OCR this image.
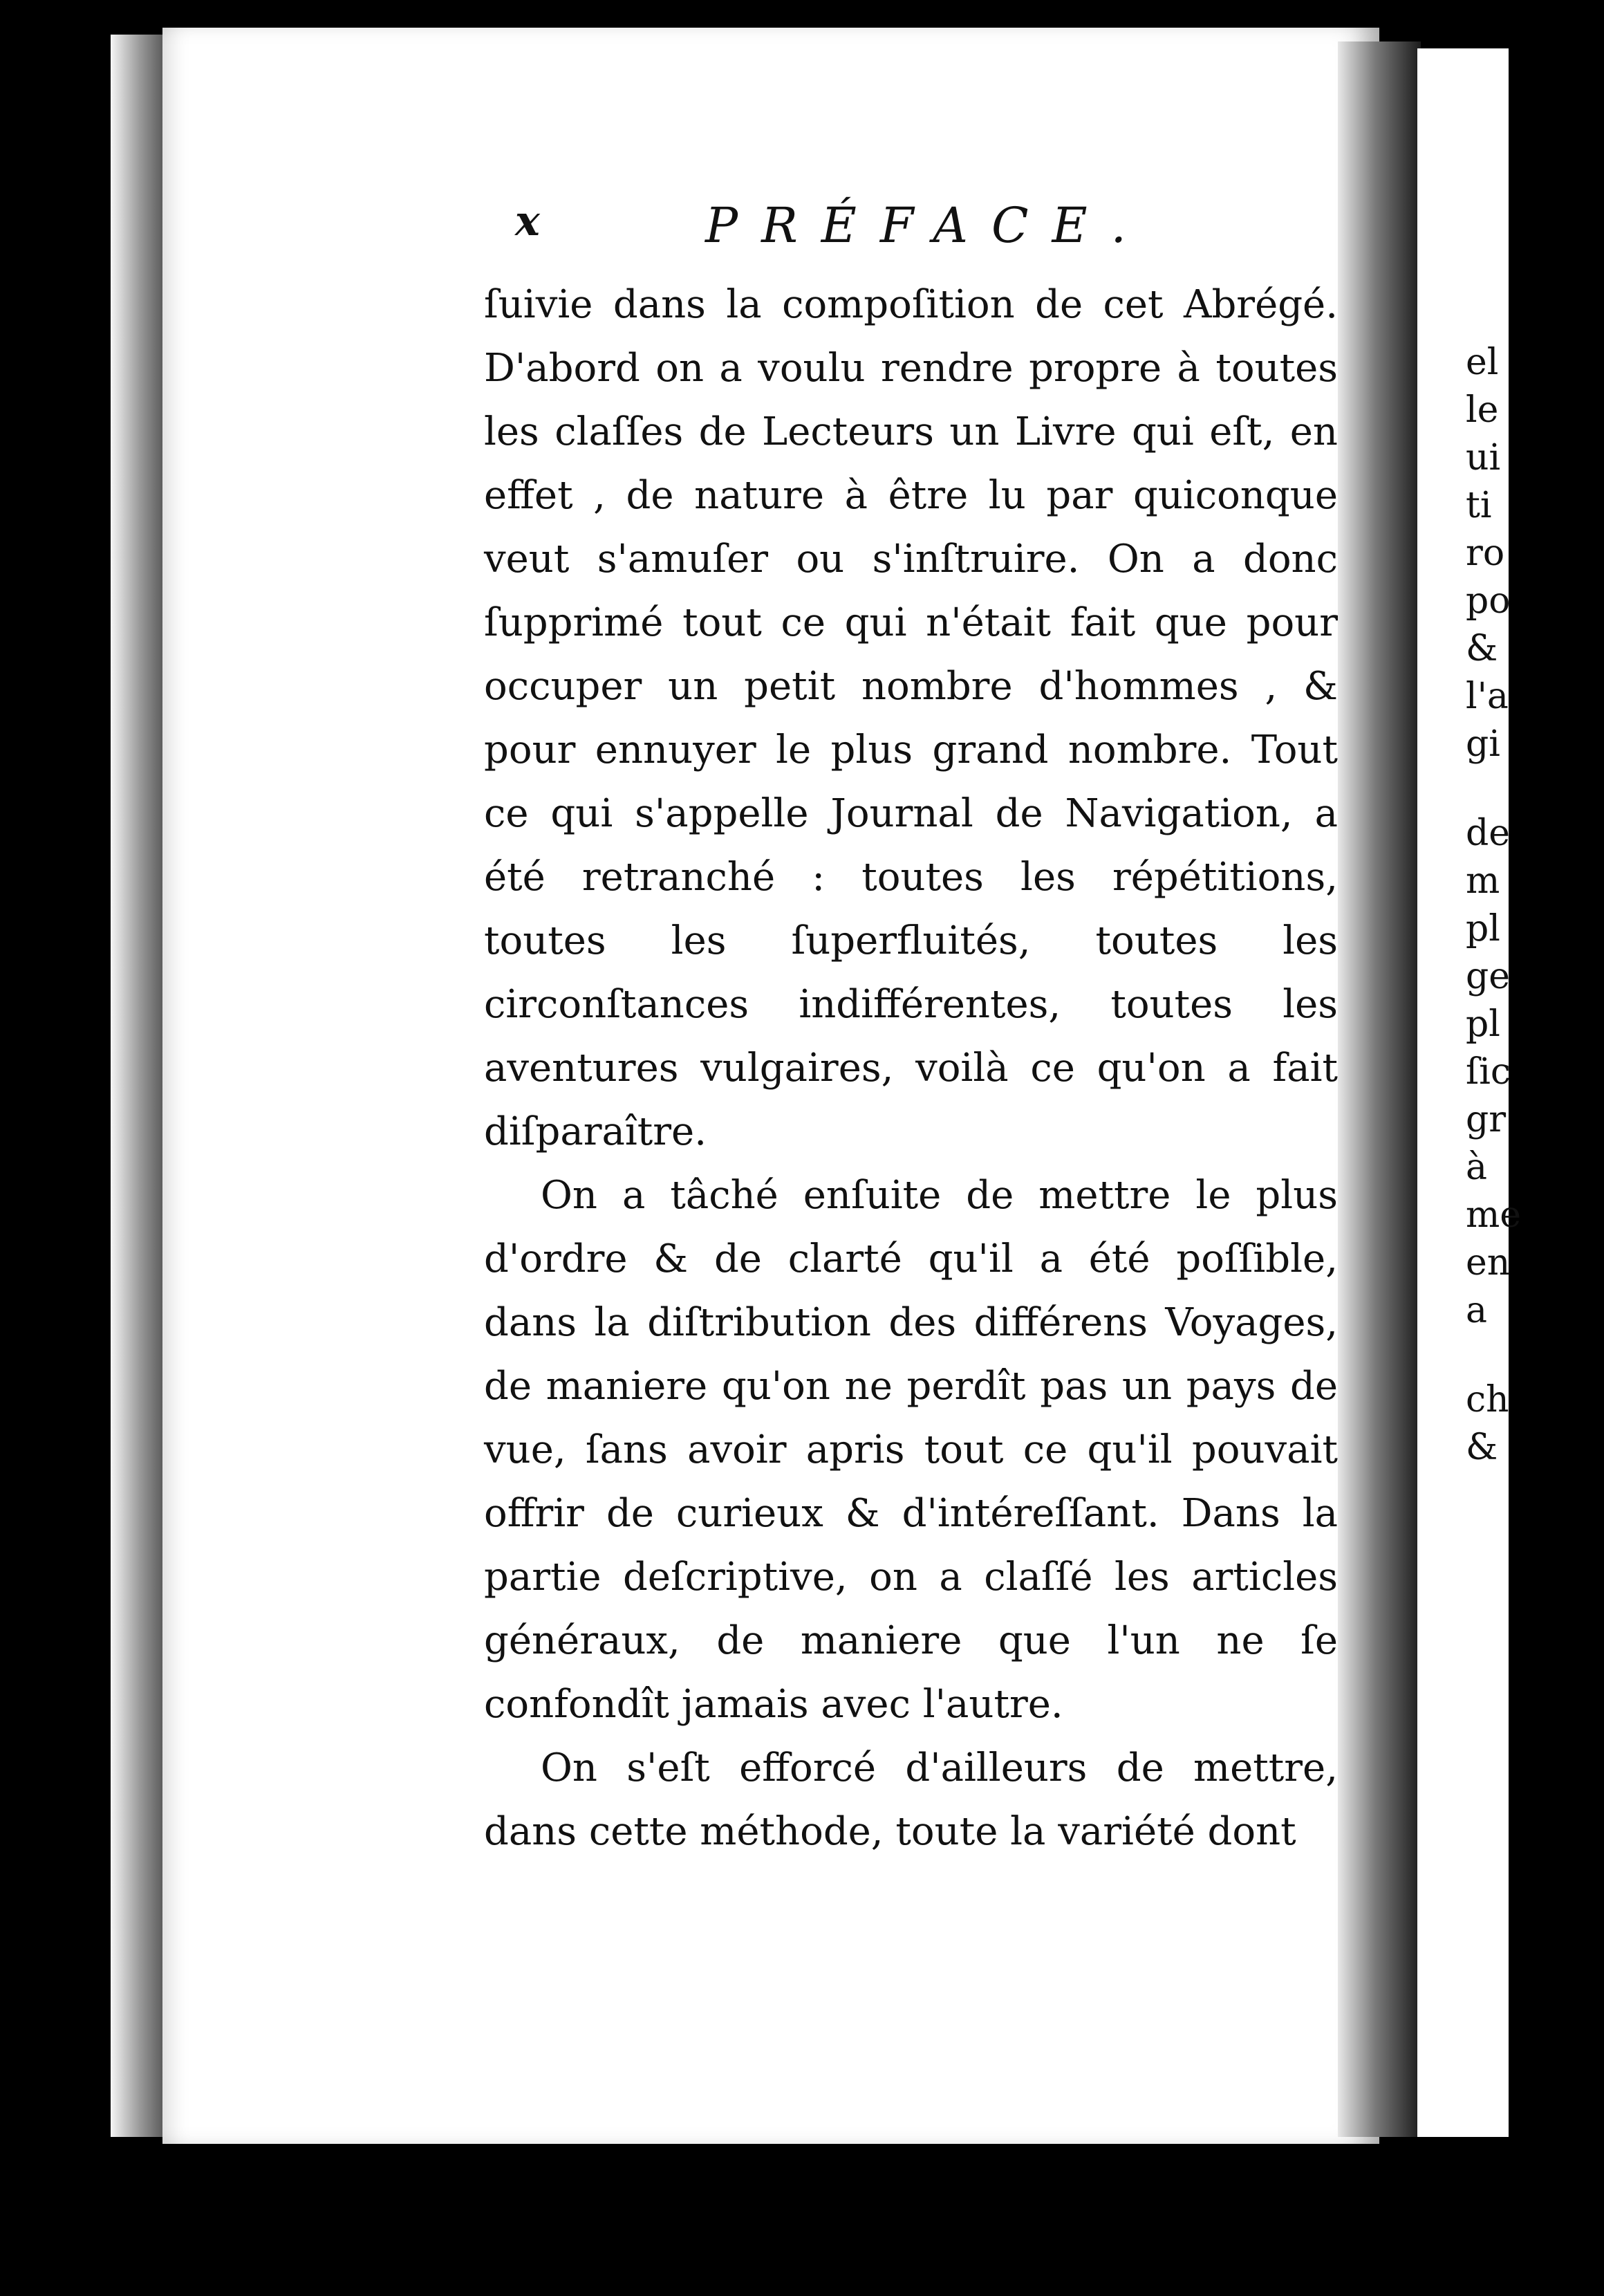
el
le
ui
ti
ro
po
&
l'a
gi
de
m
pl
ge
pl
ſic
gr
à
me
en
a
ch
&
x	PRÉFACE.

ſuivie dans la compoſition de cet Abrégé. D'abord on a voulu rendre propre à toutes les claſſes de Lecteurs un Livre qui eſt, en effet , de nature à être lu par quiconque veut s'amuſer ou s'inſtruire. On a donc ſupprimé tout ce qui n'était fait que pour occuper un petit nombre d'hommes , & pour ennuyer le plus grand nombre. Tout ce qui s'appelle Journal de Navigation, a été retranché : toutes les répétitions, toutes les ſuperfluités, toutes les circonſtances indifférentes, toutes les aventures vulgaires, voilà ce qu'on a fait diſparaître.

On a tâché enſuite de mettre le plus d'ordre & de clarté qu'il a été poſſible, dans la diſtribution des différens Voyages, de maniere qu'on ne perdît pas un pays de vue, ſans avoir apris tout ce qu'il pouvait offrir de curieux & d'intéreſſant. Dans la partie deſcriptive, on a claſſé les articles généraux, de maniere que l'un ne ſe confondît jamais avec l'autre.

On s'eſt efforcé d'ailleurs de mettre, dans cette méthode, toute la variété dont
